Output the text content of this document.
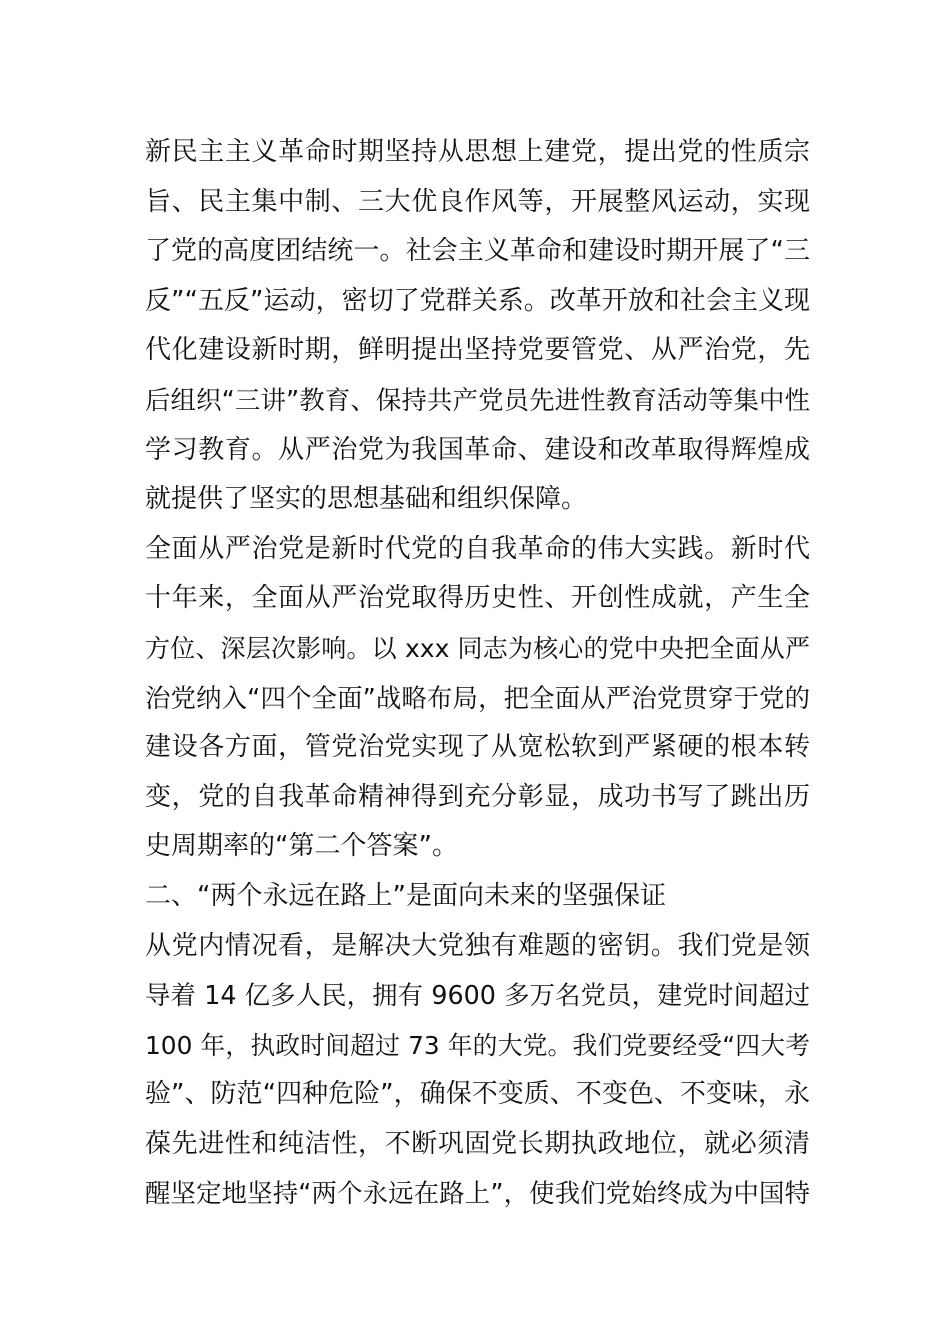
新民主主义革命时期坚持从思想上建党，提出党的性质宗
旨、民主集中制、三大优良作风等，开展整风运动，实现
了党的高度团结统一。社会主义革命和建设时期开展了“三
反”“五反”运动，密切了党群关系。改革开放和社会主义现
代化建设新时期，鲜明提出坚持党要管党、从严治党，先
后组织“三讲”教育、保持共产党员先进性教育活动等集中性
学习教育。从严治党为我国革命、建设和改革取得辉煌成
就提供了坚实的思想基础和组织保障。
全面从严治党是新时代党的自我革命的伟大实践。新时代
十年来，全面从严治党取得历史性、开创性成就，产生全
方位、深层次影响。以 xxx 同志为核心的党中央把全面从严
治党纳入“四个全面”战略布局，把全面从严治党贯穿于党的
建设各方面，管党治党实现了从宽松软到严紧硬的根本转
变，党的自我革命精神得到充分彰显，成功书写了跳出历
史周期率的“第二个答案”。
二、“两个永远在路上”是面向未来的坚强保证
从党内情况看，是解决大党独有难题的密钥。我们党是领
导着 14 亿多人民，拥有 9600 多万名党员，建党时间超过
100 年，执政时间超过 73 年的大党。我们党要经受“四大考
验”、防范“四种危险”，确保不变质、不变色、不变味，永
葆先进性和纯洁性，不断巩固党长期执政地位，就必须清
醒坚定地坚持“两个永远在路上”，使我们党始终成为中国特
